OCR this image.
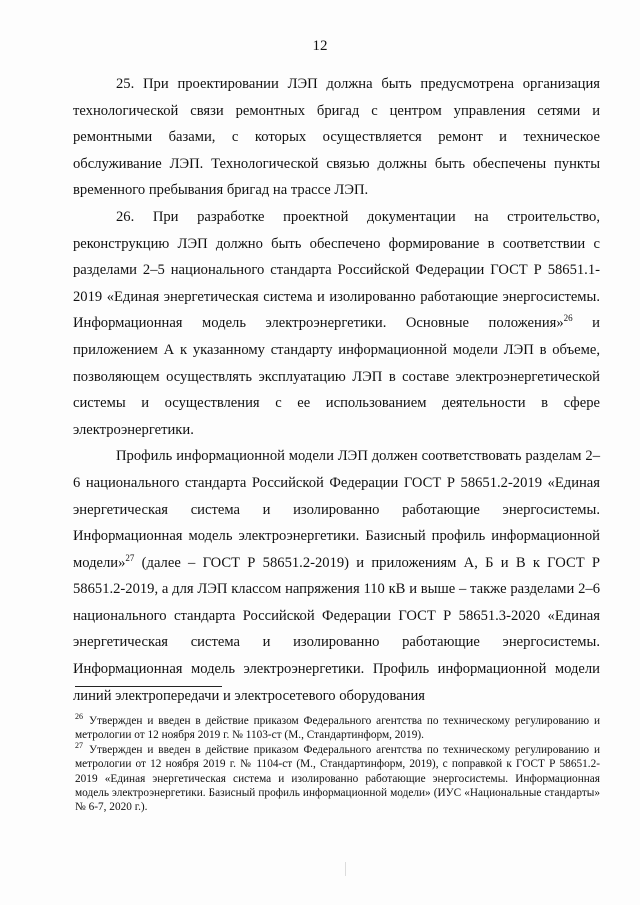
12

25. При проектировании ЛЭП должна быть предусмотрена организация технологической связи ремонтных бригад с центром управления сетями и ремонтными базами, с которых осуществляется ремонт и техническое обслуживание ЛЭП. Технологической связью должны быть обеспечены пункты временного пребывания бригад на трассе ЛЭП.

26. При разработке проектной документации на строительство, реконструкцию ЛЭП должно быть обеспечено формирование в соответствии с разделами 2–5 национального стандарта Российской Федерации ГОСТ Р 58651.1- 2019 «Единая энергетическая система и изолированно работающие энергосистемы. Информационная модель электроэнергетики. Основные положения»$^{26}$ и приложением А к указанному стандарту информационной модели ЛЭП в объеме, позволяющем осуществлять эксплуатацию ЛЭП в составе электроэнергетической системы и осуществления с ее использованием деятельности в сфере электроэнергетики.

Профиль информационной модели ЛЭП должен соответствовать разделам 2–6 национального стандарта Российской Федерации ГОСТ Р 58651.2-2019 «Единая энергетическая система и изолированно работающие энергосистемы. Информационная модель электроэнергетики. Базисный профиль информационной модели»$^{27}$ (далее – ГОСТ Р 58651.2-2019) и приложениям А, Б и В к ГОСТ Р 58651.2-2019, а для ЛЭП классом напряжения 110 кВ и выше – также разделами 2–6 национального стандарта Российской Федерации ГОСТ Р 58651.3-2020 «Единая энергетическая система и изолированно работающие энергосистемы. Информационная модель электроэнергетики. Профиль информационной модели линий электропередачи и электросетевого оборудования

$^{26}$ Утвержден и введен в действие приказом Федерального агентства по техническому регулированию и метрологии от 12 ноября 2019 г. № 1103-ст (М., Стандартинформ, 2019).

$^{27}$ Утвержден и введен в действие приказом Федерального агентства по техническому регулированию и метрологии от 12 ноября 2019 г. № 1104-ст (М., Стандартинформ, 2019), с поправкой к ГОСТ Р 58651.2-2019 «Единая энергетическая система и изолированно работающие энергосистемы. Информационная модель электроэнергетики. Базисный профиль информационной модели» (ИУС «Национальные стандарты» № 6-7, 2020 г.).
